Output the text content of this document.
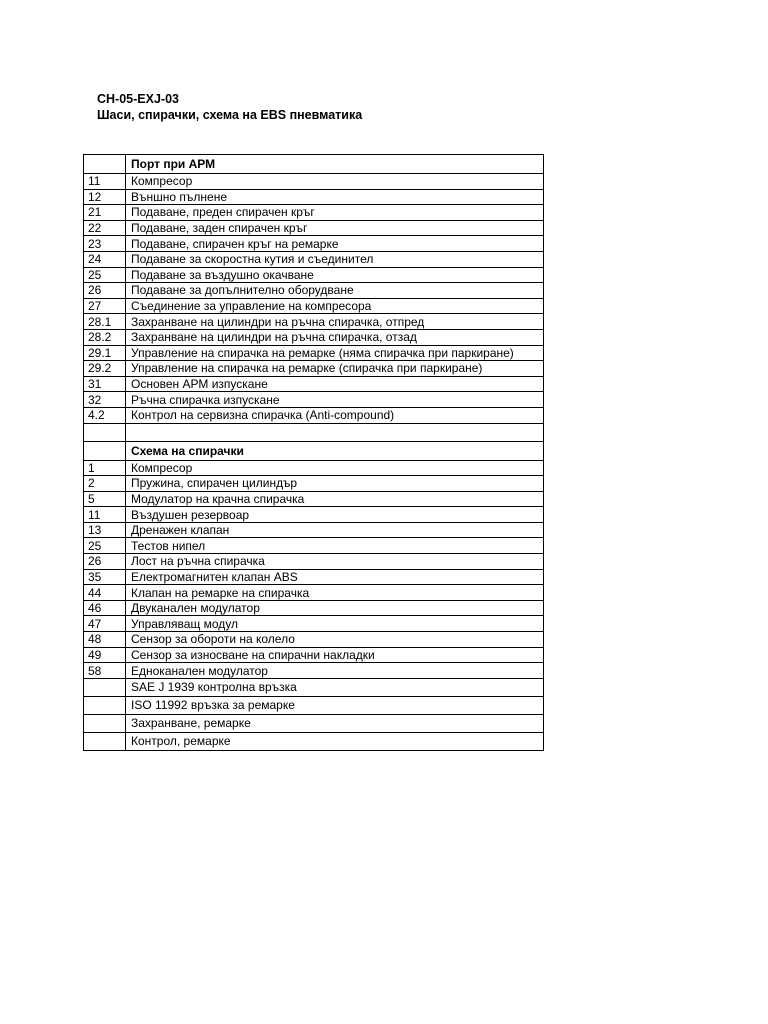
CH-05-EXJ-03
Шаси, спирачки, схема на EBS пневматика
	Порт при АРМ
11	Компресор
12	Външно пълнене
21	Подаване, преден спирачен кръг
22	Подаване, заден спирачен кръг
23	Подаване, спирачен кръг на ремарке
24	Подаване за скоростна кутия и съединител
25	Подаване за въздушно окачване
26	Подаване за допълнително оборудване
27	Съединение за управление на компресора
28.1	Захранване на цилиндри на ръчна спирачка, отпред
28.2	Захранване на цилиндри на ръчна спирачка, отзад
29.1	Управление на спирачка на ремарке (няма спирачка при паркиране)
29.2	Управление на спирачка на ремарке (спирачка при паркиране)
31	Основен АРМ изпускане
32	Ръчна спирачка изпускане
4.2	Контрол на сервизна спирачка (Anti-compound)

	Схема на спирачки
1	Компресор
2	Пружина, спирачен цилиндър
5	Модулатор на крачна спирачка
11	Въздушен резервоар
13	Дренажен клапан
25	Тестов нипел
26	Лост на ръчна спирачка
35	Електромагнитен клапан ABS
44	Клапан на ремарке на спирачка
46	Двуканален модулатор
47	Управляващ модул
48	Сензор за обороти на колело
49	Сензор за износване на спирачни накладки
58	Едноканален модулатор
	SAE J 1939 контролна връзка
	ISO 11992 връзка за ремарке
	Захранване, ремарке
	Контрол, ремарке
